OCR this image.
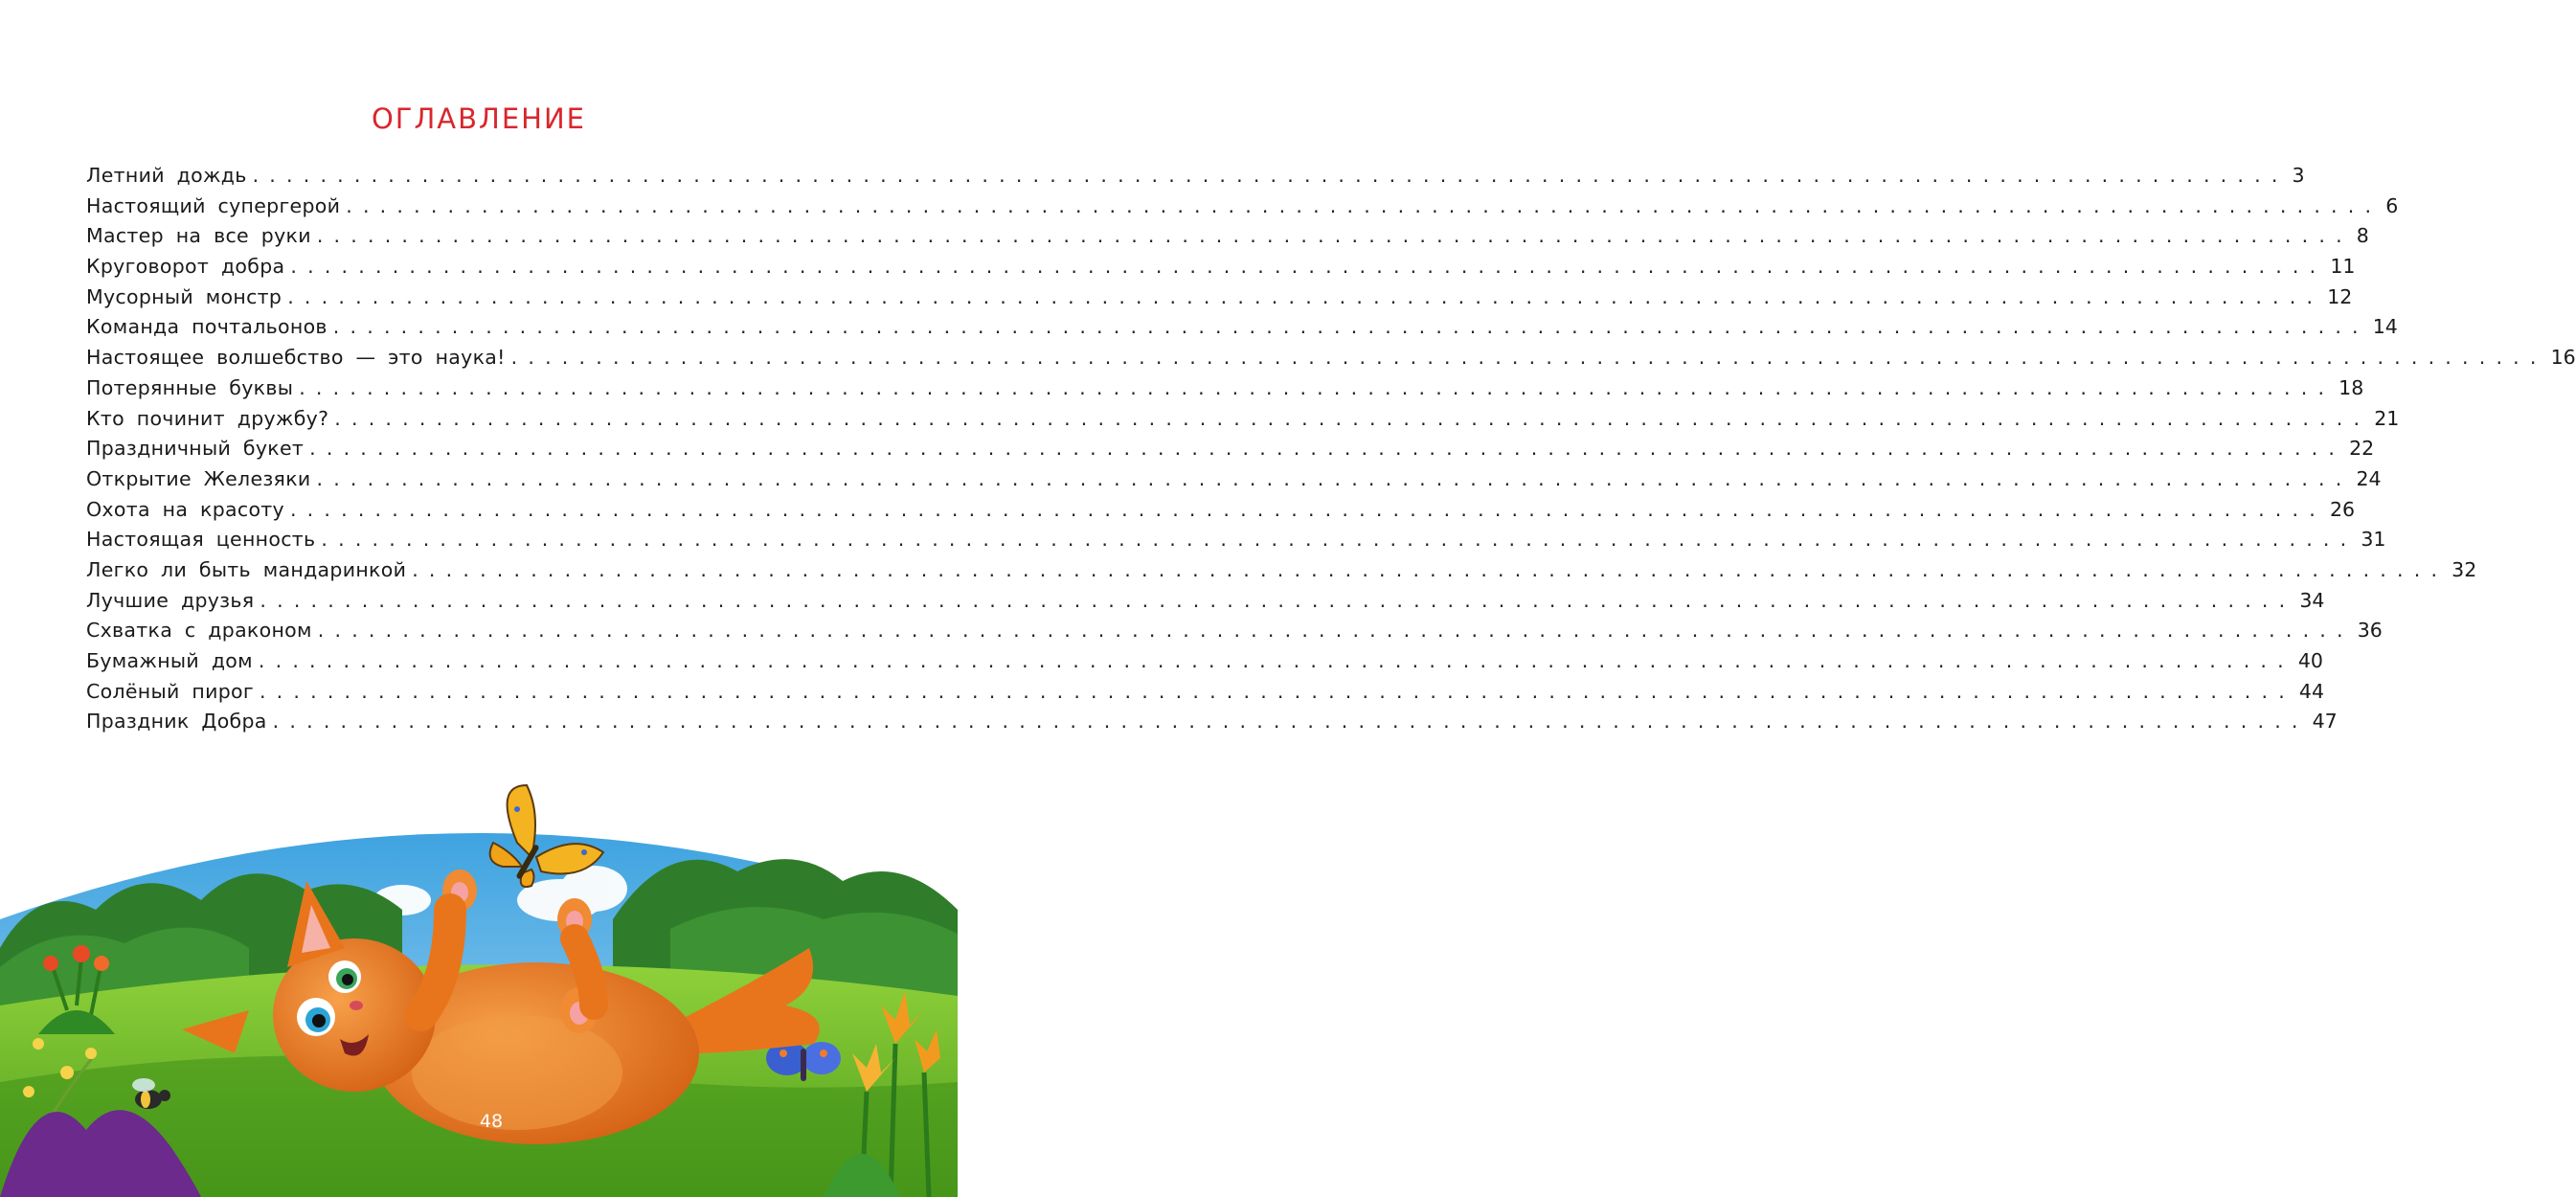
ОГЛАВЛЕНИЕ
Летний дождь ........................................................................................................................ 3
Настоящий супергерой ........................................................................................................................ 6
Мастер на все руки ........................................................................................................................ 8
Круговорот добра ........................................................................................................................ 11
Мусорный монстр ........................................................................................................................ 12
Команда почтальонов ........................................................................................................................ 14
Настоящее волшебство — это наука! ........................................................................................................................ 16
Потерянные буквы ........................................................................................................................ 18
Кто починит дружбу? ........................................................................................................................ 21
Праздничный букет ........................................................................................................................ 22
Открытие Железяки ........................................................................................................................ 24
Охота на красоту ........................................................................................................................ 26
Настоящая ценность ........................................................................................................................ 31
Легко ли быть мандаринкой ........................................................................................................................ 32
Лучшие друзья ........................................................................................................................ 34
Схватка с драконом ........................................................................................................................ 36
Бумажный дом ........................................................................................................................ 40
Солёный пирог ........................................................................................................................ 44
Праздник Добра ........................................................................................................................ 47
48
